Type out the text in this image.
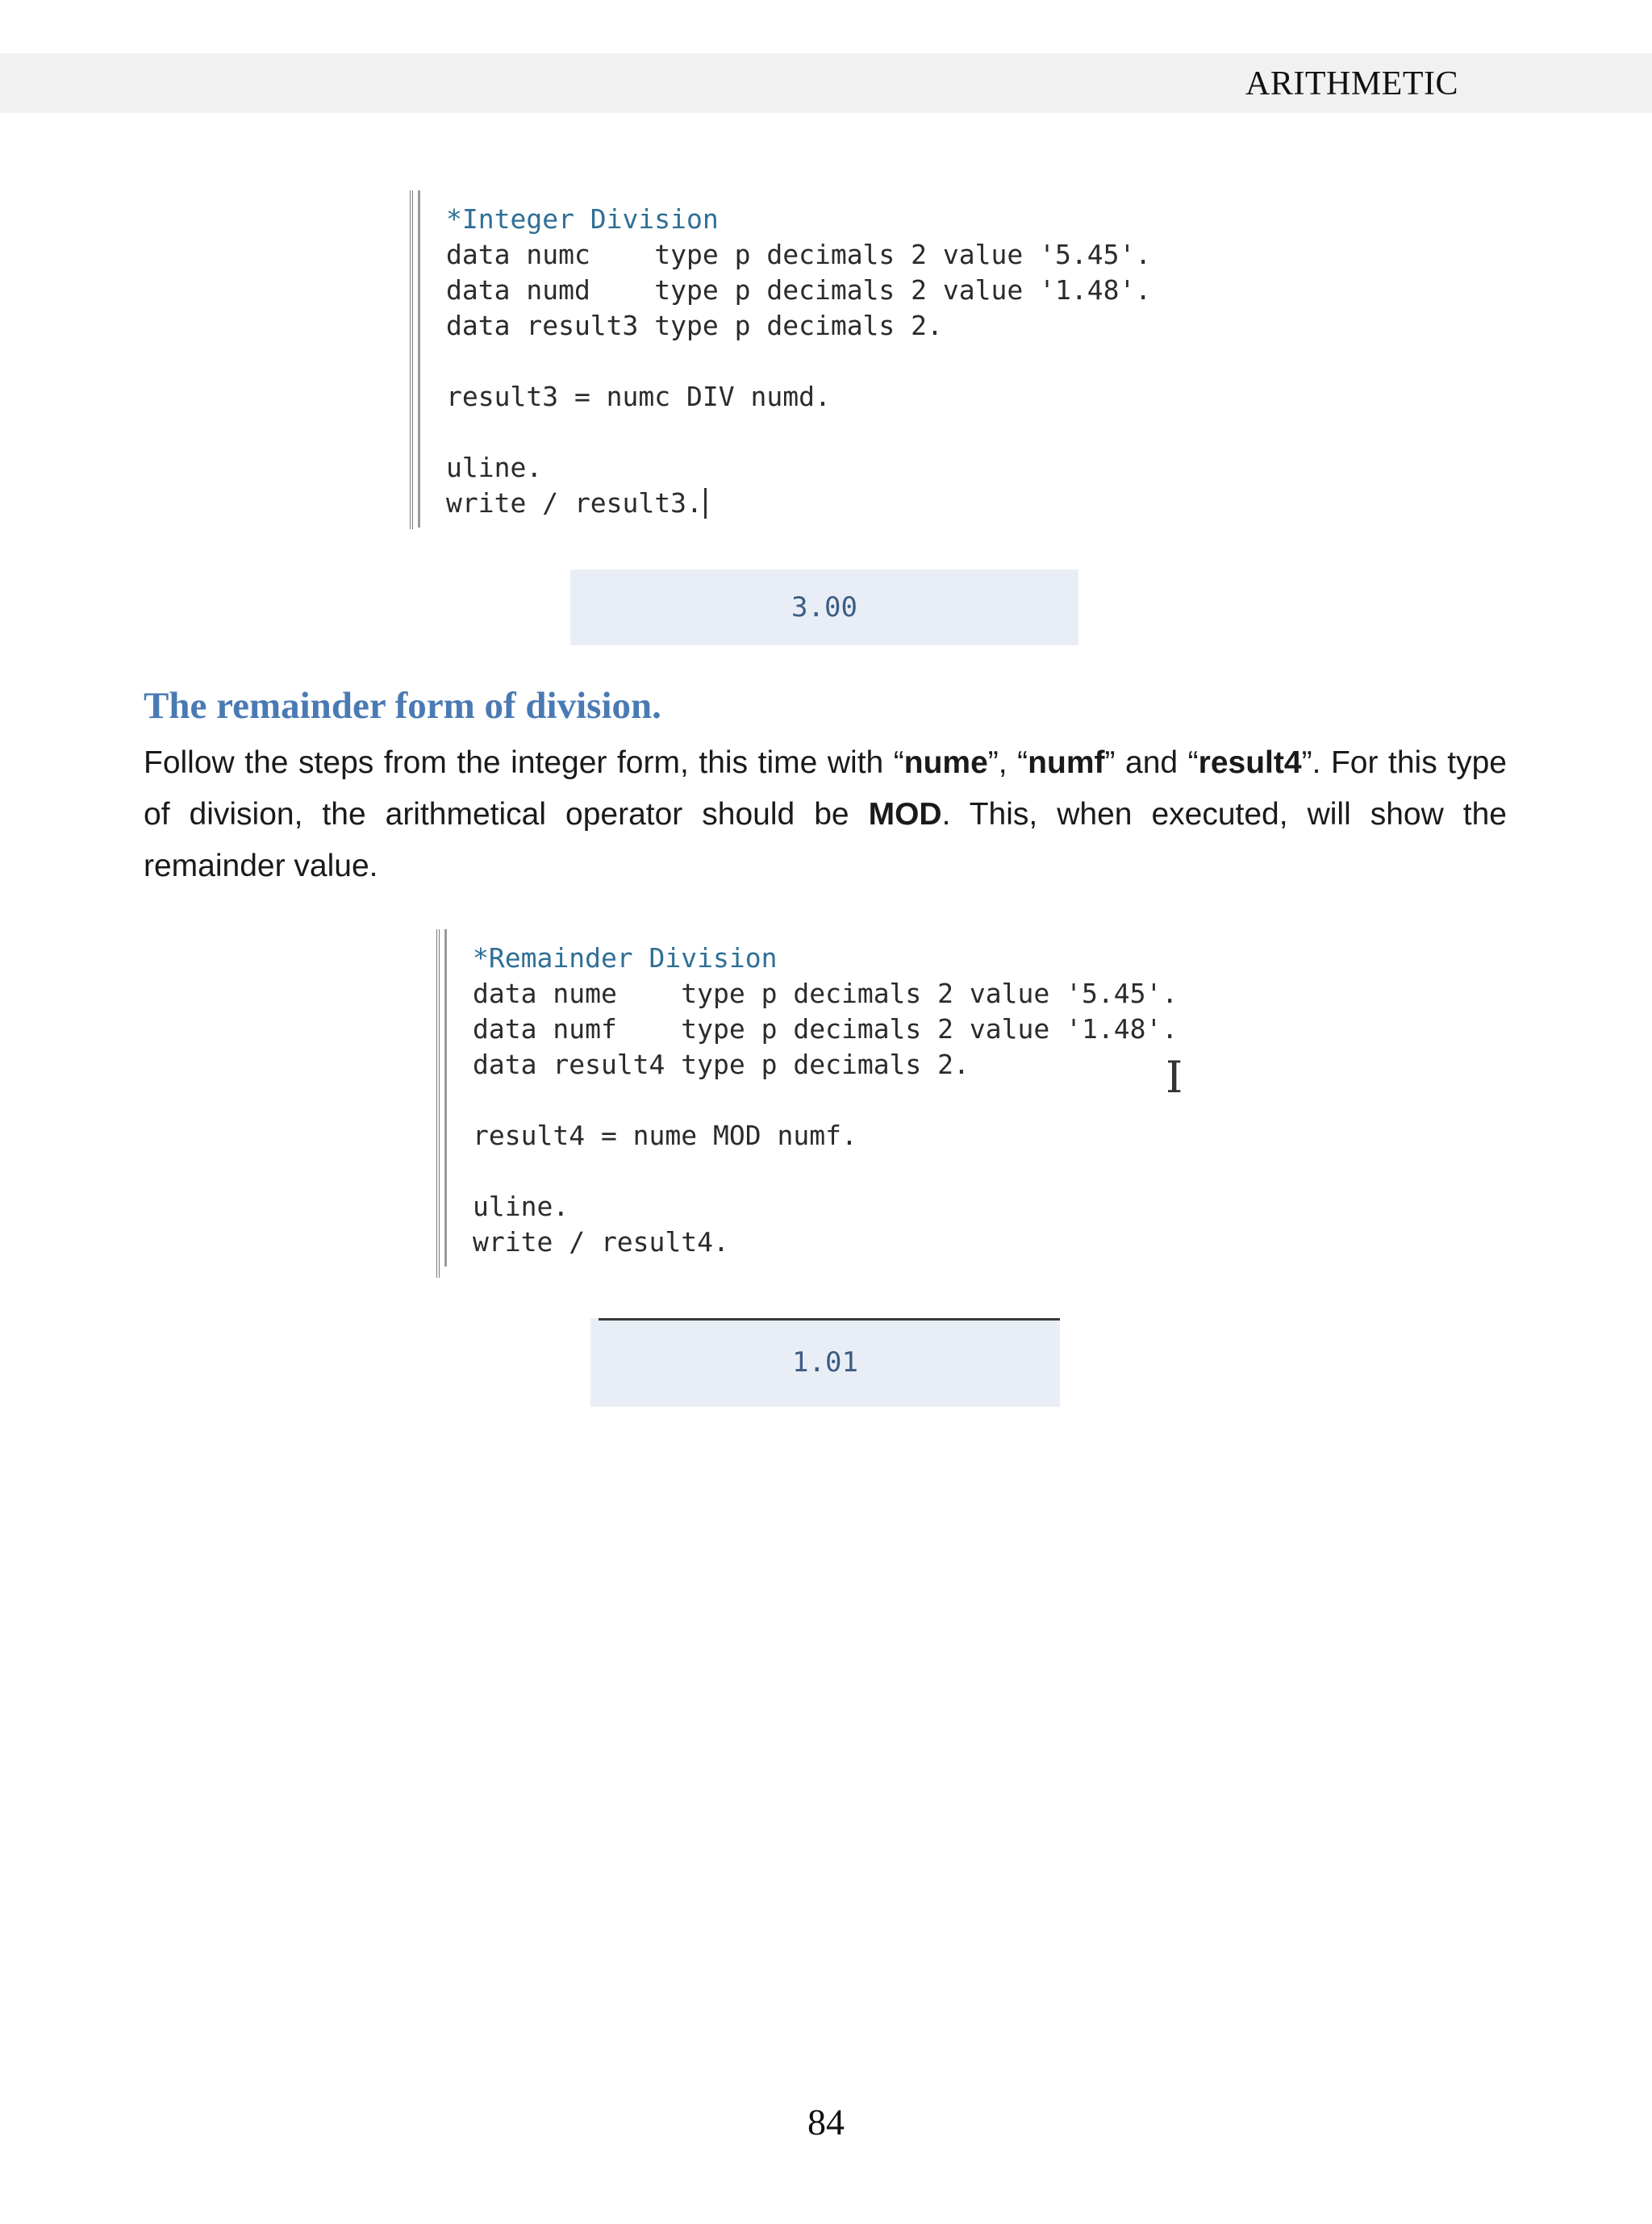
ARITHMETIC
*Integer Division
data numc    type p decimals 2 value '5.45'.
data numd    type p decimals 2 value '1.48'.
data result3 type p decimals 2.
result3 = numc DIV numd.
uline.
write / result3.
3.00
The remainder form of division.

Follow the steps from the integer form, this time with “nume”, “numf” and “result4”. For this type of division, the arithmetical operator should be MOD. This, when executed, will show the remainder value.

*Remainder Division
data nume    type p decimals 2 value '5.45'.
data numf    type p decimals 2 value '1.48'.
data result4 type p decimals 2.
result4 = nume MOD numf.
uline.
write / result4.
I
1.01
84
